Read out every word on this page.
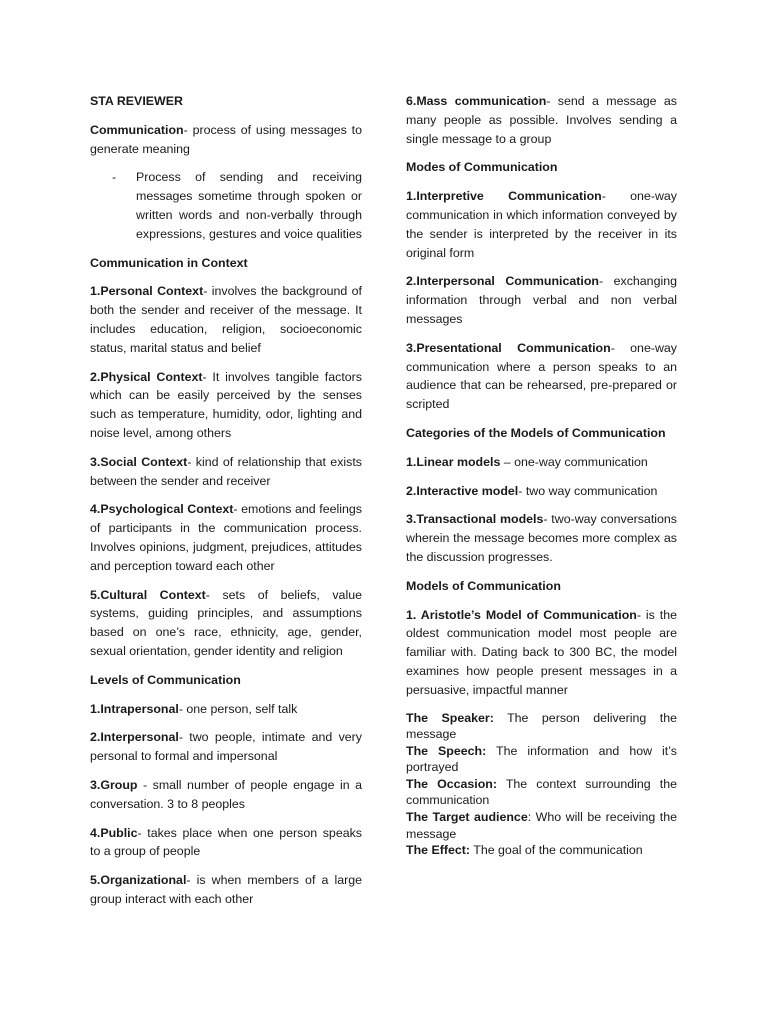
STA REVIEWER

Communication- process of using messages to generate meaning

- Process of sending and receiving messages sometime through spoken or written words and non-verbally through expressions, gestures and voice qualities

Communication in Context

1.Personal Context- involves the background of both the sender and receiver of the message. It includes education, religion, socioeconomic status, marital status and belief

2.Physical Context- It involves tangible factors which can be easily perceived by the senses such as temperature, humidity, odor, lighting and noise level, among others

3.Social Context- kind of relationship that exists between the sender and receiver

4.Psychological Context- emotions and feelings of participants in the communication process. Involves opinions, judgment, prejudices, attitudes and perception toward each other

5.Cultural Context- sets of beliefs, value systems, guiding principles, and assumptions based on one’s race, ethnicity, age, gender, sexual orientation, gender identity and religion

Levels of Communication

1.Intrapersonal- one person, self talk

2.Interpersonal- two people, intimate and very personal to formal and impersonal

3.Group - small number of people engage in a conversation. 3 to 8 peoples

4.Public- takes place when one person speaks to a group of people

5.Organizational- is when members of a large group interact with each other

6.Mass communication- send a message as many people as possible. Involves sending a single message to a group

Modes of Communication

1.Interpretive Communication- one-way communication in which information conveyed by the sender is interpreted by the receiver in its original form

2.Interpersonal Communication- exchanging information through verbal and non verbal messages

3.Presentational Communication- one-way communication where a person speaks to an audience that can be rehearsed, pre-prepared or scripted

Categories of the Models of Communication

1.Linear models – one-way communication

2.Interactive model- two way communication

3.Transactional models- two-way conversations wherein the message becomes more complex as the discussion progresses.

Models of Communication

1. Aristotle’s Model of Communication- is the oldest communication model most people are familiar with. Dating back to 300 BC, the model examines how people present messages in a persuasive, impactful manner

The Speaker: The person delivering the message

The Speech: The information and how it’s portrayed

The Occasion: The context surrounding the communication

The Target audience: Who will be receiving the message

The Effect: The goal of the communication
